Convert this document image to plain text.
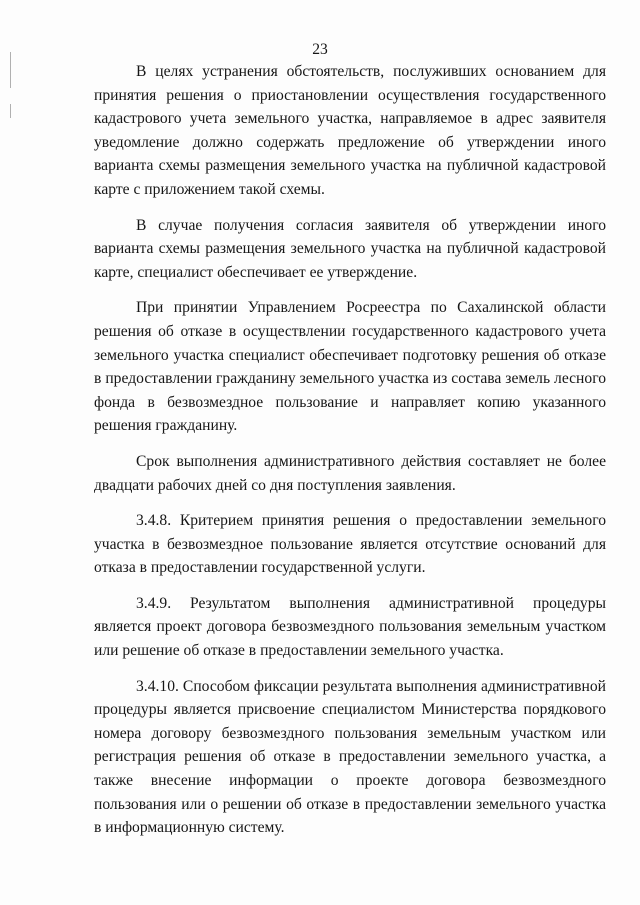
23

В целях устранения обстоятельств, послуживших основанием для принятия решения о приостановлении осуществления государственного кадастрового учета земельного участка, направляемое в адрес заявителя уведомление должно содержать предложение об утверждении иного варианта схемы размещения земельного участка на публичной кадастровой карте с приложением такой схемы.

В случае получения согласия заявителя об утверждении иного варианта схемы размещения земельного участка на публичной кадастровой карте, специалист обеспечивает ее утверждение.

При принятии Управлением Росреестра по Сахалинской области решения об отказе в осуществлении государственного кадастрового учета земельного участка специалист обеспечивает подготовку решения об отказе в предоставлении гражданину земельного участка из состава земель лесного фонда в безвозмездное пользование и направляет копию указанного решения гражданину.

Срок выполнения административного действия составляет не более двадцати рабочих дней со дня поступления заявления.

3.4.8. Критерием принятия решения о предоставлении земельного участка в безвозмездное пользование является отсутствие оснований для отказа в предоставлении государственной услуги.

3.4.9. Результатом выполнения административной процедуры является проект договора безвозмездного пользования земельным участком или решение об отказе в предоставлении земельного участка.

3.4.10. Способом фиксации результата выполнения административной процедуры является присвоение специалистом Министерства порядкового номера договору безвозмездного пользования земельным участком или регистрация решения об отказе в предоставлении земельного участка, а также внесение информации о проекте договора безвозмездного пользования или о решении об отказе в предоставлении земельного участка в информационную систему.
